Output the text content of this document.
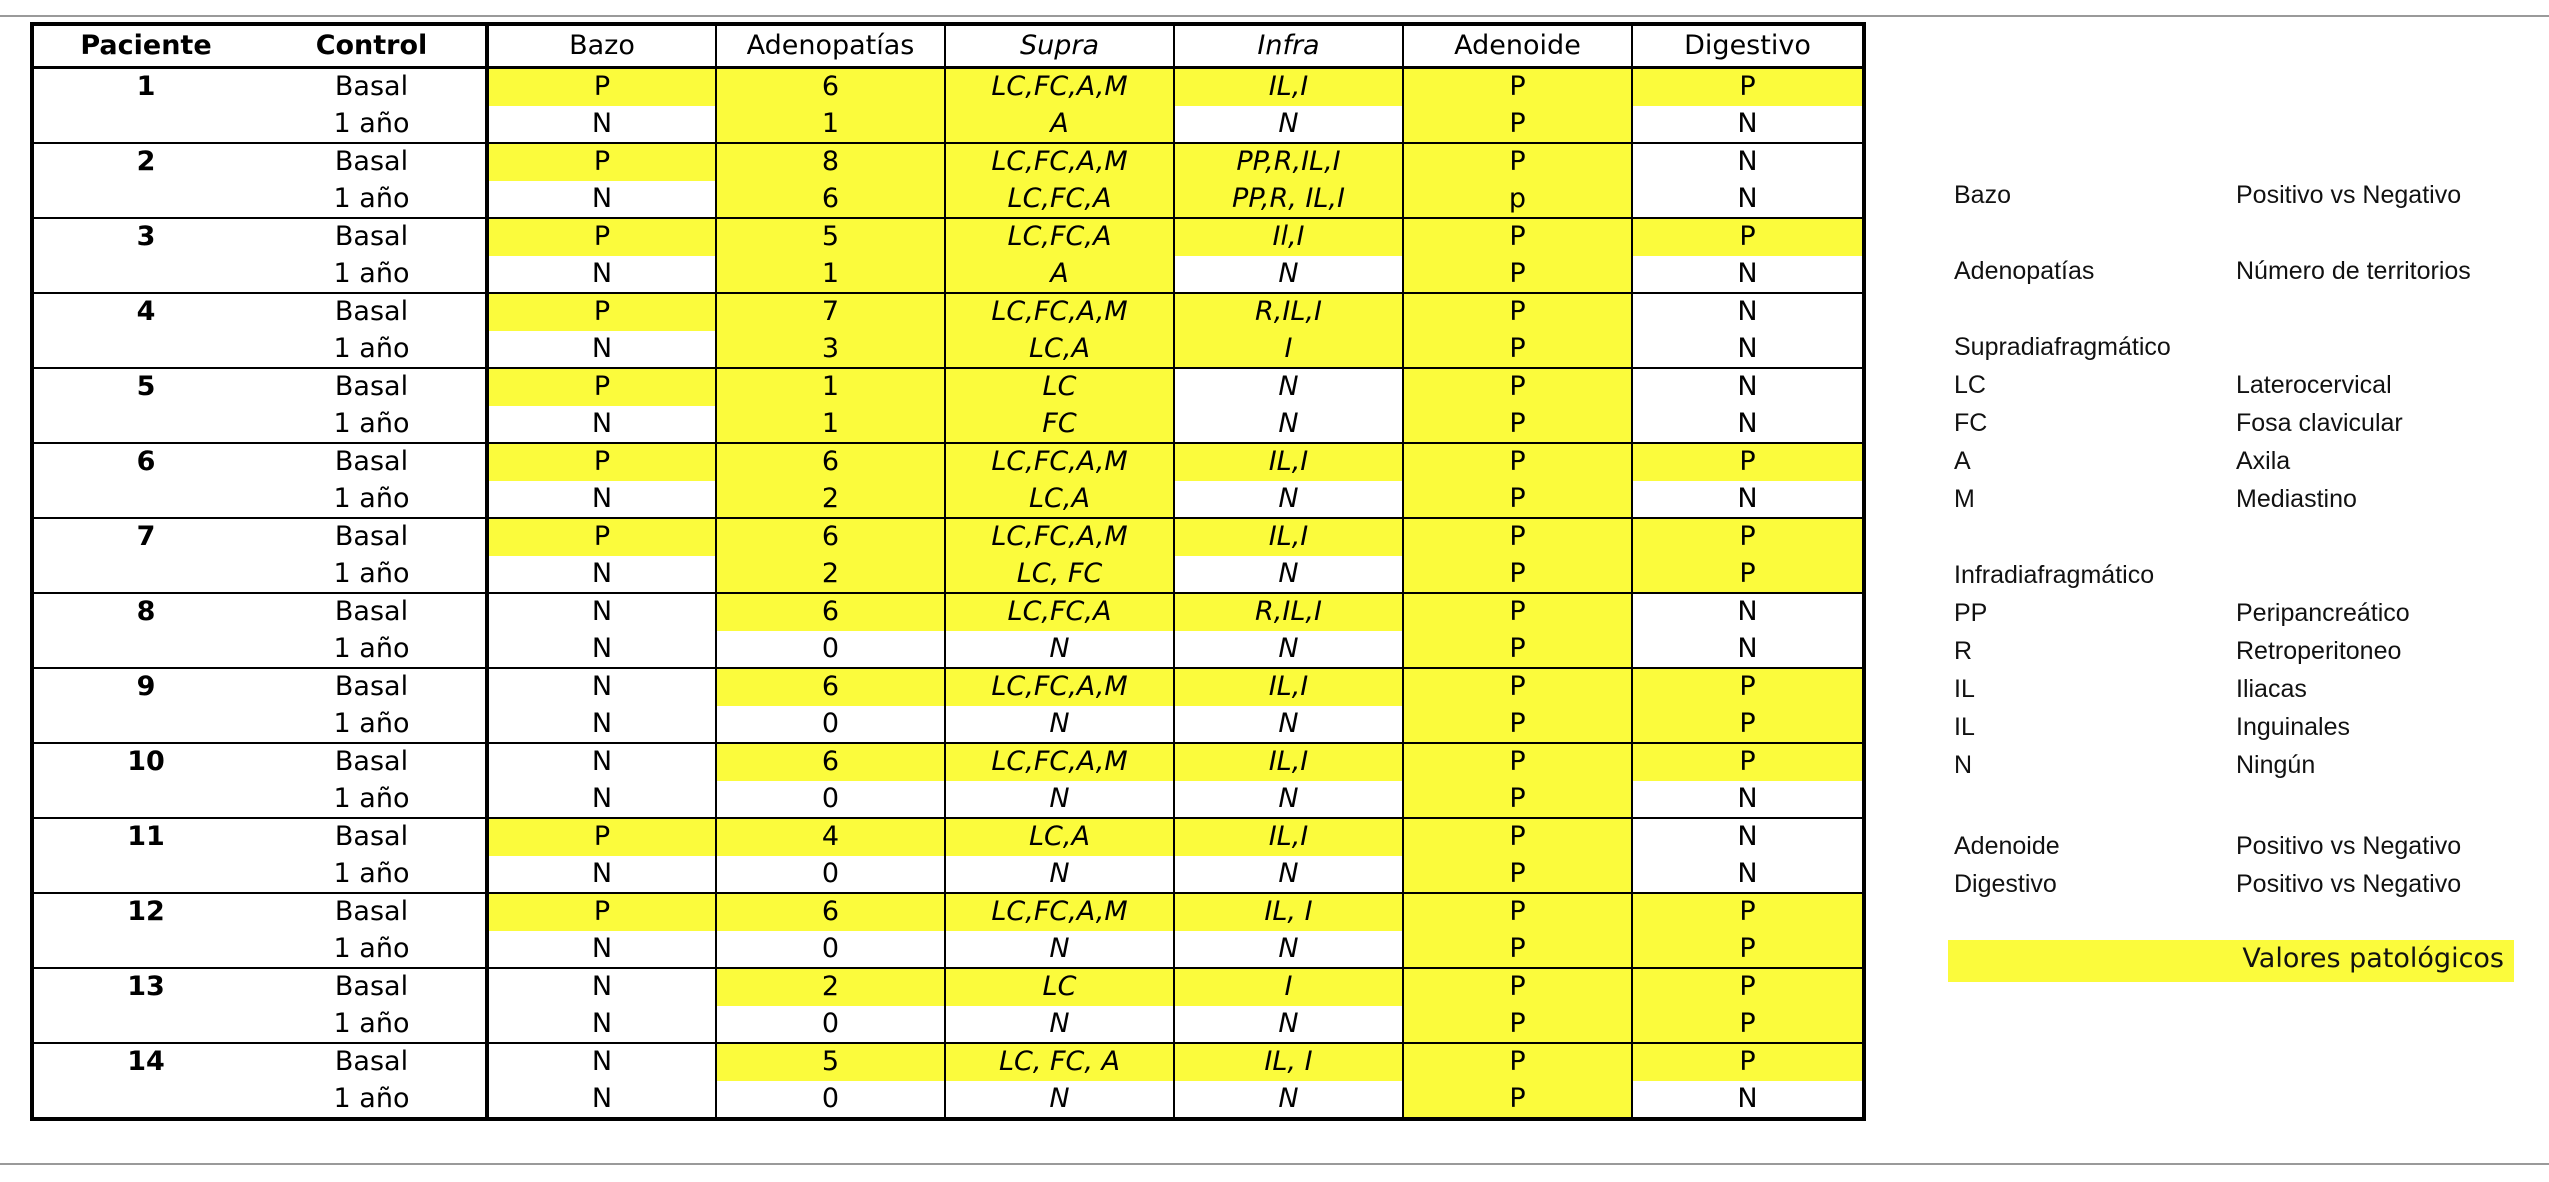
Paciente	Control	Bazo	Adenopatías	Supra	Infra	Adenoide	Digestivo
1	Basal	P	6	LC,FC,A,M	IL,I	P	P
	1 año	N	1	A	N	P	N
2	Basal	P	8	LC,FC,A,M	PP,R,IL,I	P	N
	1 año	N	6	LC,FC,A	PP,R, IL,I	p	N
3	Basal	P	5	LC,FC,A	Il,I	P	P
	1 año	N	1	A	N	P	N
4	Basal	P	7	LC,FC,A,M	R,IL,I	P	N
	1 año	N	3	LC,A	I	P	N
5	Basal	P	1	LC	N	P	N
	1 año	N	1	FC	N	P	N
6	Basal	P	6	LC,FC,A,M	IL,I	P	P
	1 año	N	2	LC,A	N	P	N
7	Basal	P	6	LC,FC,A,M	IL,I	P	P
	1 año	N	2	LC, FC	N	P	P
8	Basal	N	6	LC,FC,A	R,IL,I	P	N
	1 año	N	0	N	N	P	N
9	Basal	N	6	LC,FC,A,M	IL,I	P	P
	1 año	N	0	N	N	P	P
10	Basal	N	6	LC,FC,A,M	IL,I	P	P
	1 año	N	0	N	N	P	N
11	Basal	P	4	LC,A	IL,I	P	N
	1 año	N	0	N	N	P	N
12	Basal	P	6	LC,FC,A,M	IL, I	P	P
	1 año	N	0	N	N	P	P
13	Basal	N	2	LC	I	P	P
	1 año	N	0	N	N	P	P
14	Basal	N	5	LC, FC, A	IL, I	P	P
	1 año	N	0	N	N	P	N
Bazo	Positivo vs Negativo
Adenopatías	Número de territorios
Supradiafragmático
LC	Laterocervical
FC	Fosa clavicular
A	Axila
M	Mediastino
Infradiafragmático
PP	Peripancreático
R	Retroperitoneo
IL	Iliacas
IL	Inguinales
N	Ningún
Adenoide	Positivo vs Negativo
Digestivo	Positivo vs Negativo
Valores patológicos
